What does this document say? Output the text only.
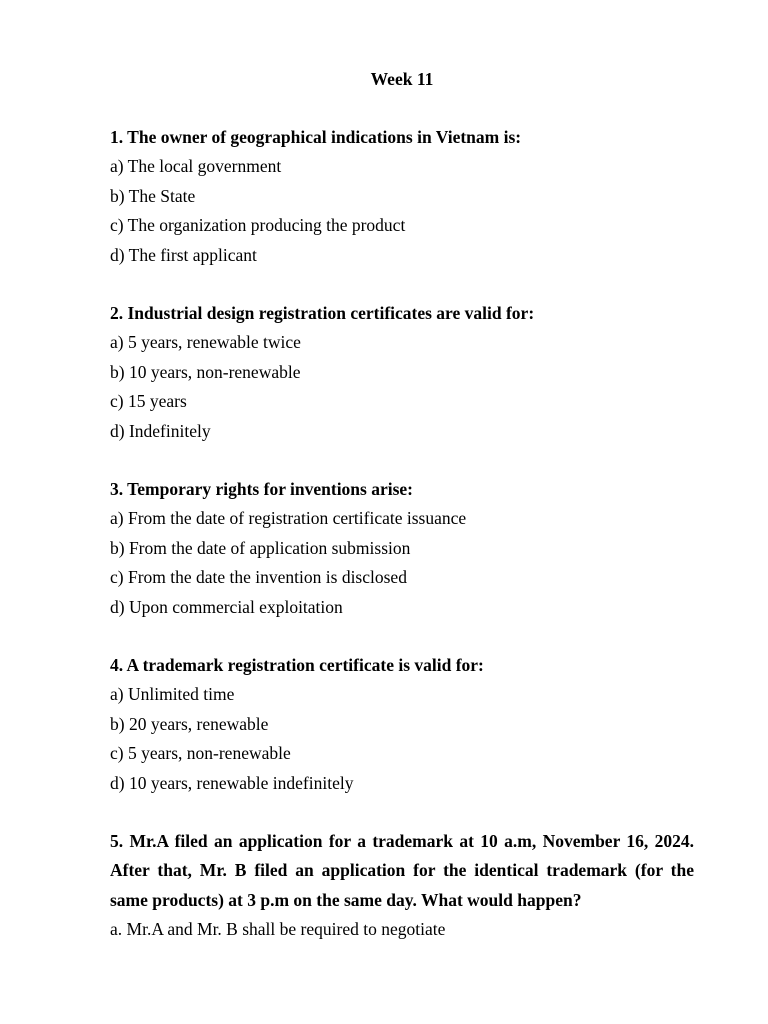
Week 11
1. The owner of geographical indications in Vietnam is:
a) The local government
b) The State
c) The organization producing the product
d) The first applicant
2. Industrial design registration certificates are valid for:
a) 5 years, renewable twice
b) 10 years, non-renewable
c) 15 years
d) Indefinitely
3. Temporary rights for inventions arise:
a) From the date of registration certificate issuance
b) From the date of application submission
c) From the date the invention is disclosed
d) Upon commercial exploitation
4. A trademark registration certificate is valid for:
a) Unlimited time
b) 20 years, renewable
c) 5 years, non-renewable
d) 10 years, renewable indefinitely
5. Mr.A filed an application for a trademark at 10 a.m, November 16, 2024. After that, Mr. B filed an application for the identical trademark (for the same products) at 3 p.m on the same day. What would happen?
a. Mr.A and Mr. B shall be required to negotiate
